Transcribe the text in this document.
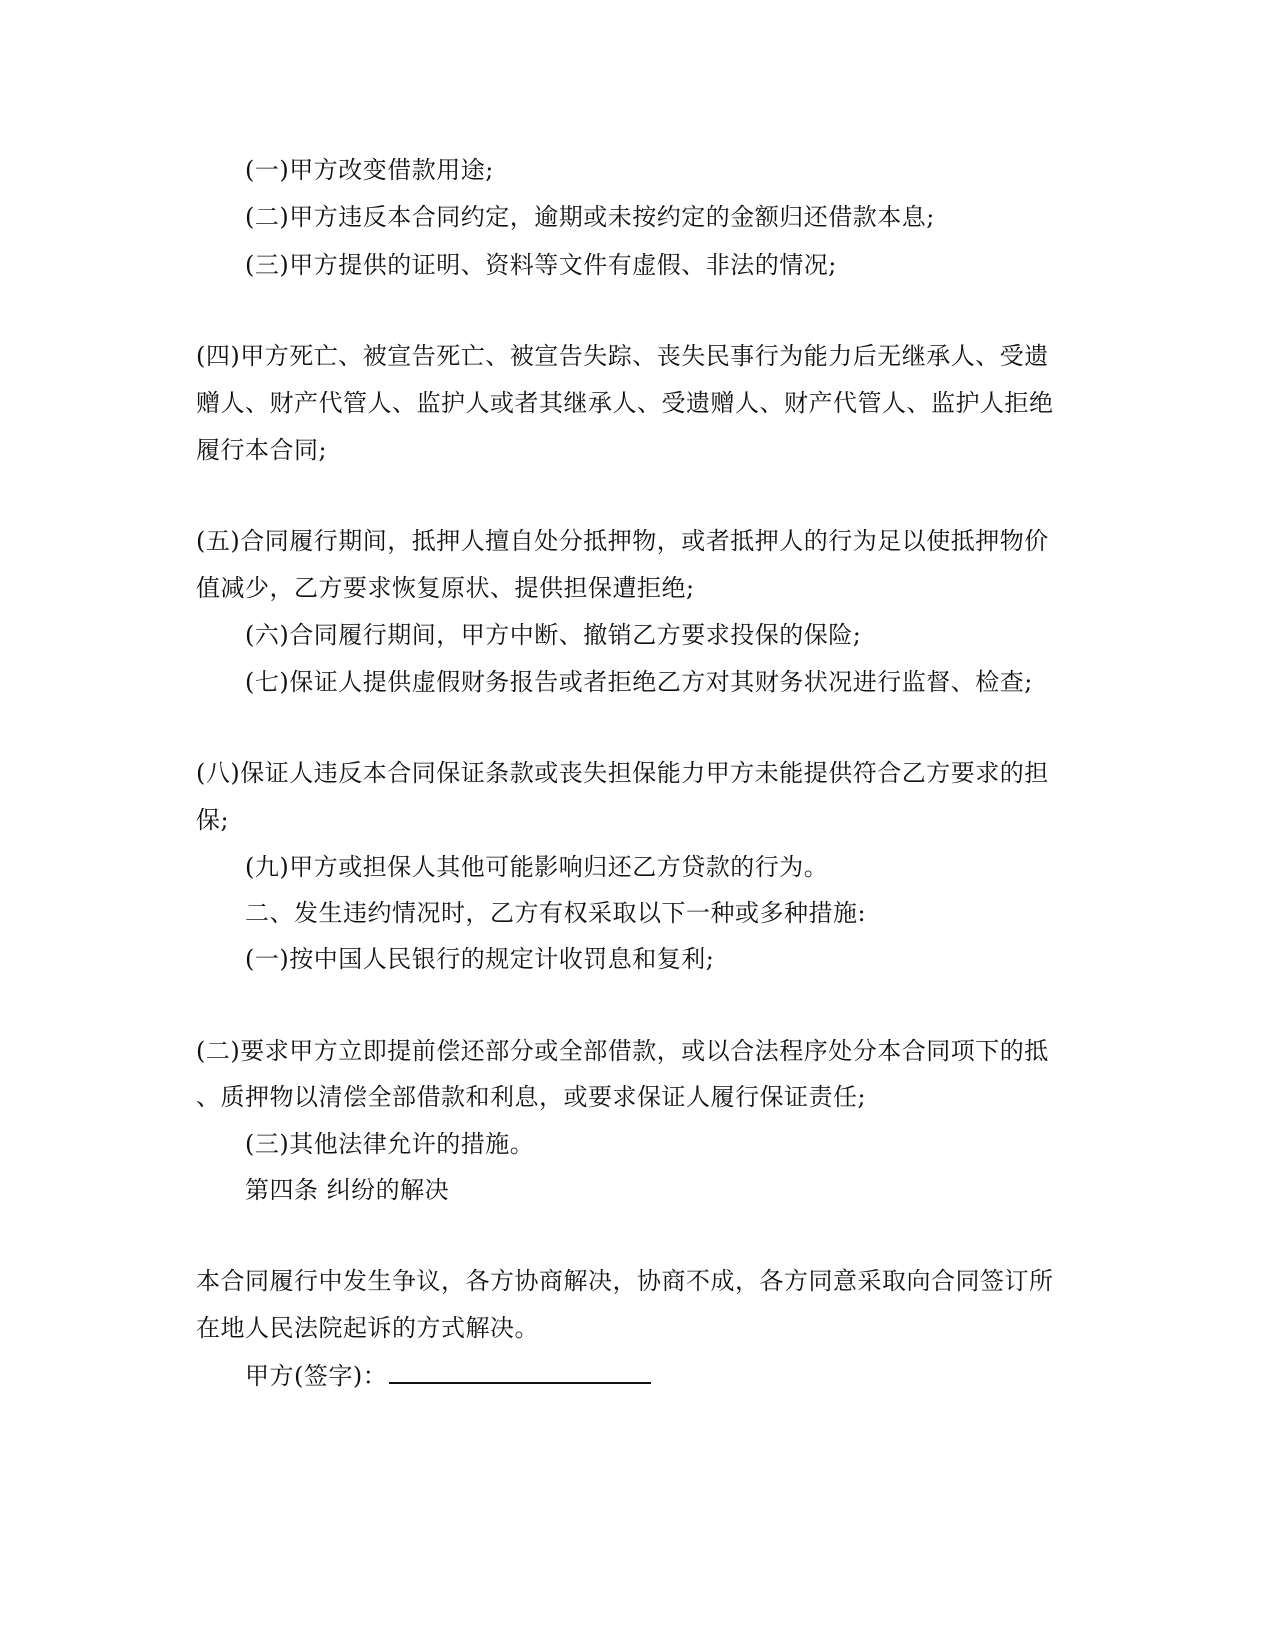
(一)甲方改变借款用途;
(二)甲方违反本合同约定，逾期或未按约定的金额归还借款本息;
(三)甲方提供的证明、资料等文件有虚假、非法的情况;
(四)甲方死亡、被宣告死亡、被宣告失踪、丧失民事行为能力后无继承人、受遗
赠人、财产代管人、监护人或者其继承人、受遗赠人、财产代管人、监护人拒绝
履行本合同;
(五)合同履行期间，抵押人擅自处分抵押物，或者抵押人的行为足以使抵押物价
值减少，乙方要求恢复原状、提供担保遭拒绝;
(六)合同履行期间，甲方中断、撤销乙方要求投保的保险;
(七)保证人提供虚假财务报告或者拒绝乙方对其财务状况进行监督、检查;
(八)保证人违反本合同保证条款或丧失担保能力甲方未能提供符合乙方要求的担
保;
(九)甲方或担保人其他可能影响归还乙方贷款的行为。
二、发生违约情况时，乙方有权采取以下一种或多种措施:
(一)按中国人民银行的规定计收罚息和复利;
(二)要求甲方立即提前偿还部分或全部借款，或以合法程序处分本合同项下的抵
、质押物以清偿全部借款和利息，或要求保证人履行保证责任;
(三)其他法律允许的措施。
第四条 纠纷的解决
本合同履行中发生争议，各方协商解决，协商不成，各方同意采取向合同签订所
在地人民法院起诉的方式解决。
甲方(签字)：
